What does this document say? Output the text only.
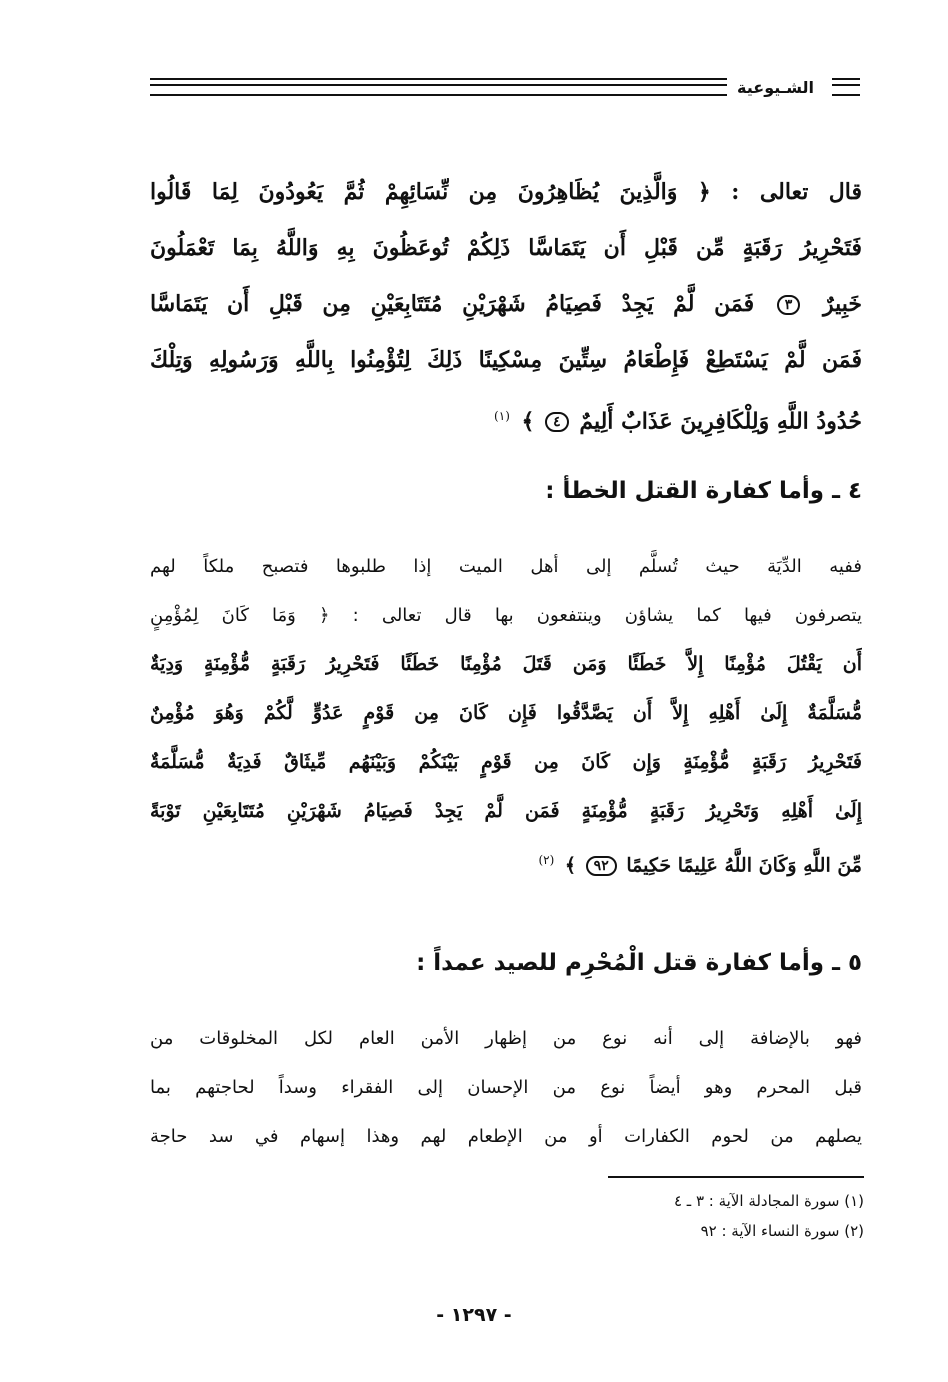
الشـيوعية
قال تعالى : ﴿ وَالَّذِينَ يُظَاهِرُونَ مِن نِّسَائِهِمْ ثُمَّ يَعُودُونَ لِمَا قَالُوا
فَتَحْرِيرُ رَقَبَةٍ مِّن قَبْلِ أَن يَتَمَاسَّا ذَلِكُمْ تُوعَظُونَ بِهِ وَاللَّهُ بِمَا تَعْمَلُونَ
خَبِيرٌ ٣ فَمَن لَّمْ يَجِدْ فَصِيَامُ شَهْرَيْنِ مُتَتَابِعَيْنِ مِن قَبْلِ أَن يَتَمَاسَّا
فَمَن لَّمْ يَسْتَطِعْ فَإِطْعَامُ سِتِّينَ مِسْكِينًا ذَلِكَ لِتُؤْمِنُوا بِاللَّهِ وَرَسُولِهِ وَتِلْكَ
حُدُودُ اللَّهِ وَلِلْكَافِرِينَ عَذَابٌ أَلِيمٌ ٤ ﴾ $^{(١)}$
٤ ـ وأما كفارة القتل الخطأ :
ففيه الدِّيَة حيث تُسلَّم إلى أهل الميت إذا طلبوها فتصبح ملكاً لهم
يتصرفون فيها كما يشاؤن وينتفعون بها قال تعالى : ﴿ وَمَا كَانَ لِمُؤْمِنٍ
أَن يَقْتُلَ مُؤْمِنًا إِلاَّ خَطَئًا وَمَن قَتَلَ مُؤْمِنًا خَطَئًا فَتَحْرِيرُ رَقَبَةٍ مُّؤْمِنَةٍ وَدِيَةٌ
مُّسَلَّمَةٌ إِلَىٰ أَهْلِهِ إِلاَّ أَن يَصَّدَّقُوا فَإِن كَانَ مِن قَوْمٍ عَدُوٍّ لَّكُمْ وَهُوَ مُؤْمِنٌ
فَتَحْرِيرُ رَقَبَةٍ مُّؤْمِنَةٍ وَإِن كَانَ مِن قَوْمٍ بَيْنَكُمْ وَبَيْنَهُم مِّيثَاقٌ فَدِيَةٌ مُّسَلَّمَةٌ
إِلَىٰ أَهْلِهِ وَتَحْرِيرُ رَقَبَةٍ مُّؤْمِنَةٍ فَمَن لَّمْ يَجِدْ فَصِيَامُ شَهْرَيْنِ مُتَتَابِعَيْنِ تَوْبَةً
مِّنَ اللَّهِ وَكَانَ اللَّهُ عَلِيمًا حَكِيمًا ٩٢ ﴾ $^{(٢)}$
٥ ـ وأما كفارة قتل الْمُحْرِم للصيد عمداً :
فهو بالإضافة إلى أنه نوع من إظهار الأمن العام لكل المخلوقات من
قبل المحرم وهو أيضاً نوع من الإحسان إلى الفقراء وسداً لحاجتهم بما
يصلهم من لحوم الكفارات أو من الإطعام لهم وهذا إسهام في سد حاجة
(١) سورة المجادلة الآية : ٣ ـ ٤
(٢) سورة النساء الآية : ٩٢
- ١٢٩٧ -
